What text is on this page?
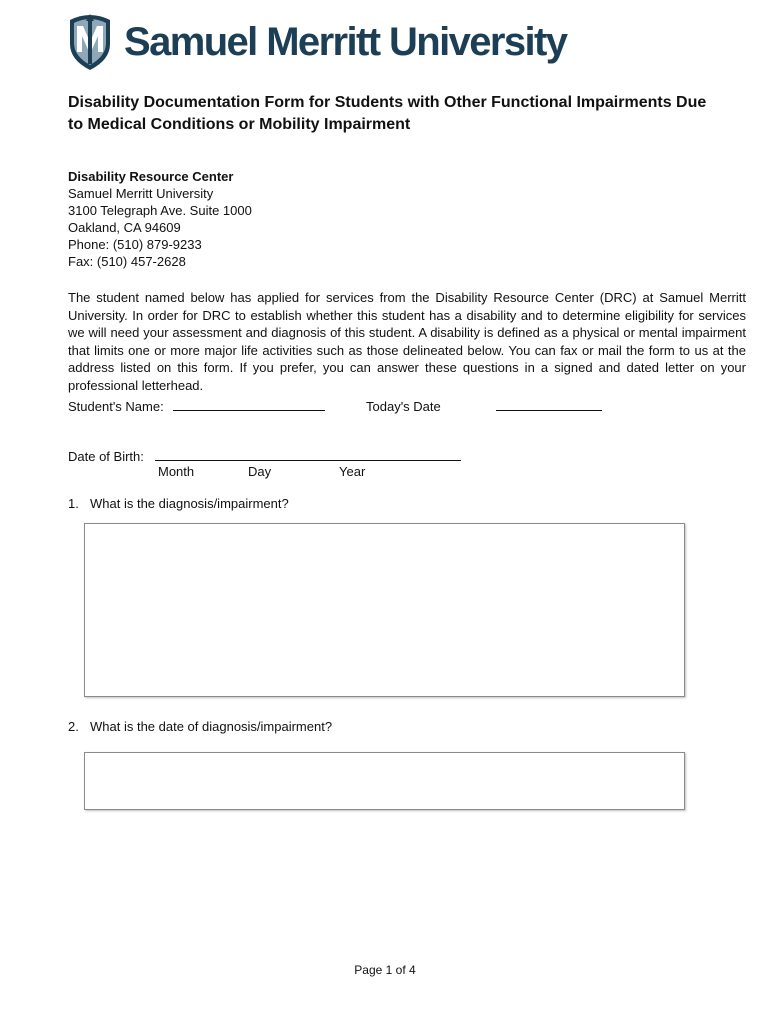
Samuel Merritt University
Disability Documentation Form for Students with Other Functional Impairments Due to Medical Conditions or Mobility Impairment
Disability Resource Center
Samuel Merritt University
3100 Telegraph Ave. Suite 1000
Oakland, CA 94609
Phone: (510) 879-9233
Fax: (510) 457-2628
The student named below has applied for services from the Disability Resource Center (DRC) at Samuel Merritt University. In order for DRC to establish whether this student has a disability and to determine eligibility for services we will need your assessment and diagnosis of this student. A disability is defined as a physical or mental impairment that limits one or more major life activities such as those delineated below. You can fax or mail the form to us at the address listed on this form. If you prefer, you can answer these questions in a signed and dated letter on your professional letterhead.
Student's Name:	Today's Date
Date of Birth:
Month	Day	Year
1. What is the diagnosis/impairment?
2. What is the date of diagnosis/impairment?
Page 1 of 4
